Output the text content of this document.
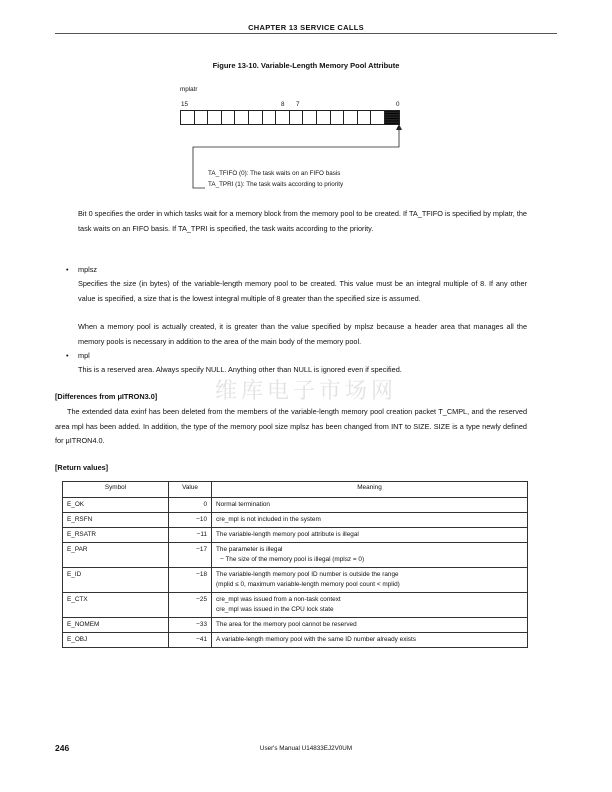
CHAPTER 13 SERVICE CALLS
Figure 13-10. Variable-Length Memory Pool Attribute
mplatr
15	8 7	0
TA_TFIFO (0): The task waits on an FIFO basis
TA_TPRI (1): The task waits according to priority
Bit 0 specifies the order in which tasks wait for a memory block from the memory pool to be created. If TA_TFIFO is specified by mplatr, the task waits on an FIFO basis. If TA_TPRI is specified, the task waits according to the priority.
• mplsz
Specifies the size (in bytes) of the variable-length memory pool to be created. This value must be an integral multiple of 8. If any other value is specified, a size that is the lowest integral multiple of 8 greater than the specified size is assumed.
When a memory pool is actually created, it is greater than the value specified by mplsz because a header area that manages all the memory pools is necessary in addition to the area of the main body of the memory pool.
• mpl
This is a reserved area. Always specify NULL. Anything other than NULL is ignored even if specified.
维库电子市场网
[Differences from μITRON3.0]
The extended data exinf has been deleted from the members of the variable-length memory pool creation packet T_CMPL, and the reserved area mpl has been added. In addition, the type of the memory pool size mplsz has been changed from INT to SIZE. SIZE is a type newly defined for μITRON4.0.
[Return values]
Symbol	Value	Meaning
E_OK	0	Normal termination

E_RSFN	−10	cre_mpl is not included in the system

E_RSATR	−11	The variable-length memory pool attribute is illegal

E_PAR	−17	The parameter is illegal
− The size of the memory pool is illegal (mplsz = 0)

E_ID	−18	The variable-length memory pool ID number is outside the range
(mplid ≤ 0, maximum variable-length memory pool count < mplid)

E_CTX	−25	cre_mpl was issued from a non-task context
cre_mpl was issued in the CPU lock state

E_NOMEM	−33	The area for the memory pool cannot be reserved

E_OBJ	−41	A variable-length memory pool with the same ID number already exists
246	User's Manual U14833EJ2V0UM
